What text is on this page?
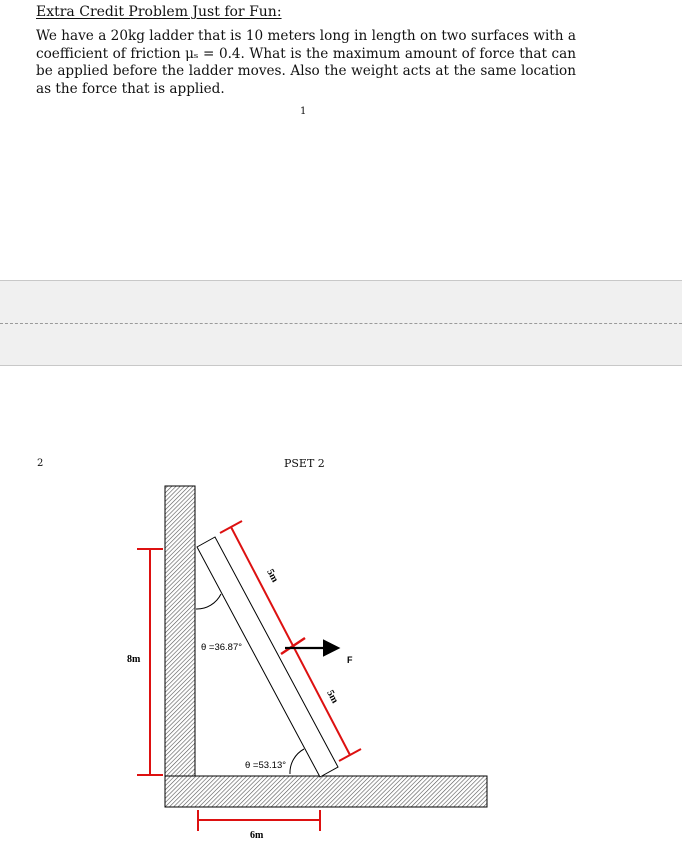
Extra Credit Problem Just for Fun:
We have a 20kg ladder that is 10 meters long in length on two surfaces with a coefficient of friction μₛ = 0.4. What is the maximum amount of force that can be applied before the ladder moves. Also the weight acts at the same location as the force that is applied.
1
2	PSET 2
5m
5m
8m
6m
F
θ =36.87°
θ =53.13°
